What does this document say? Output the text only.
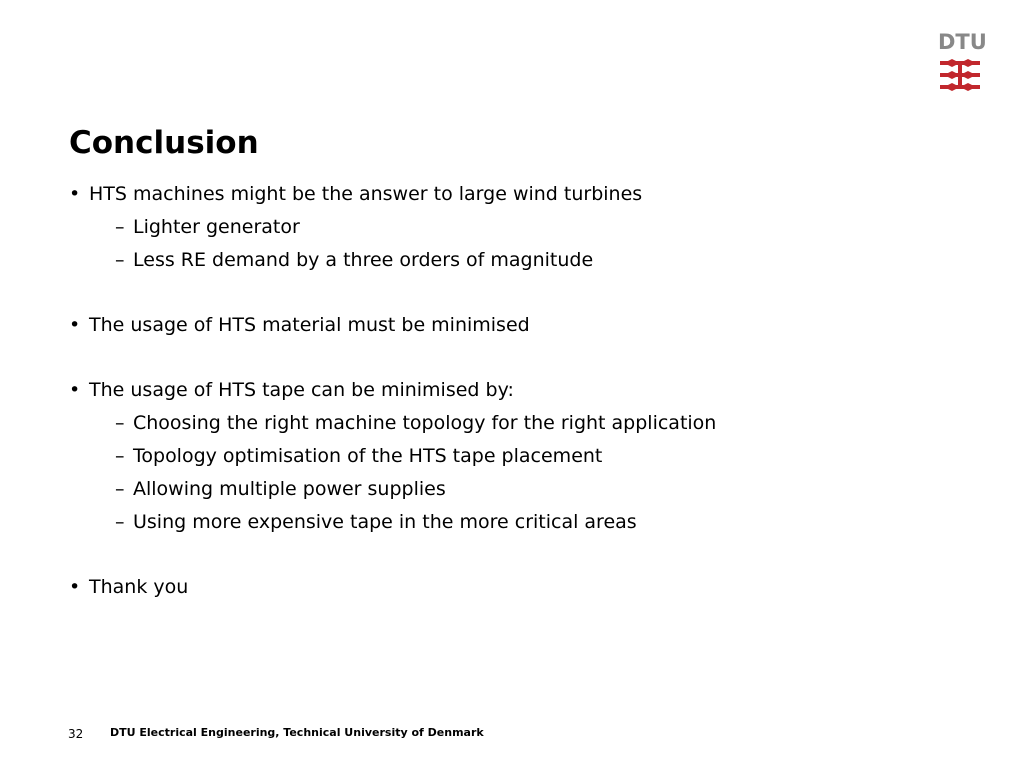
DTU
Conclusion
• HTS machines might be the answer to large wind turbines
– Lighter generator
– Less RE demand by a three orders of magnitude
• The usage of HTS material must be minimised
• The usage of HTS tape can be minimised by:
– Choosing the right machine topology for the right application
– Topology optimisation of the HTS tape placement
– Allowing multiple power supplies
– Using more expensive tape in the more critical areas
• Thank you
32 DTU Electrical Engineering, Technical University of Denmark
